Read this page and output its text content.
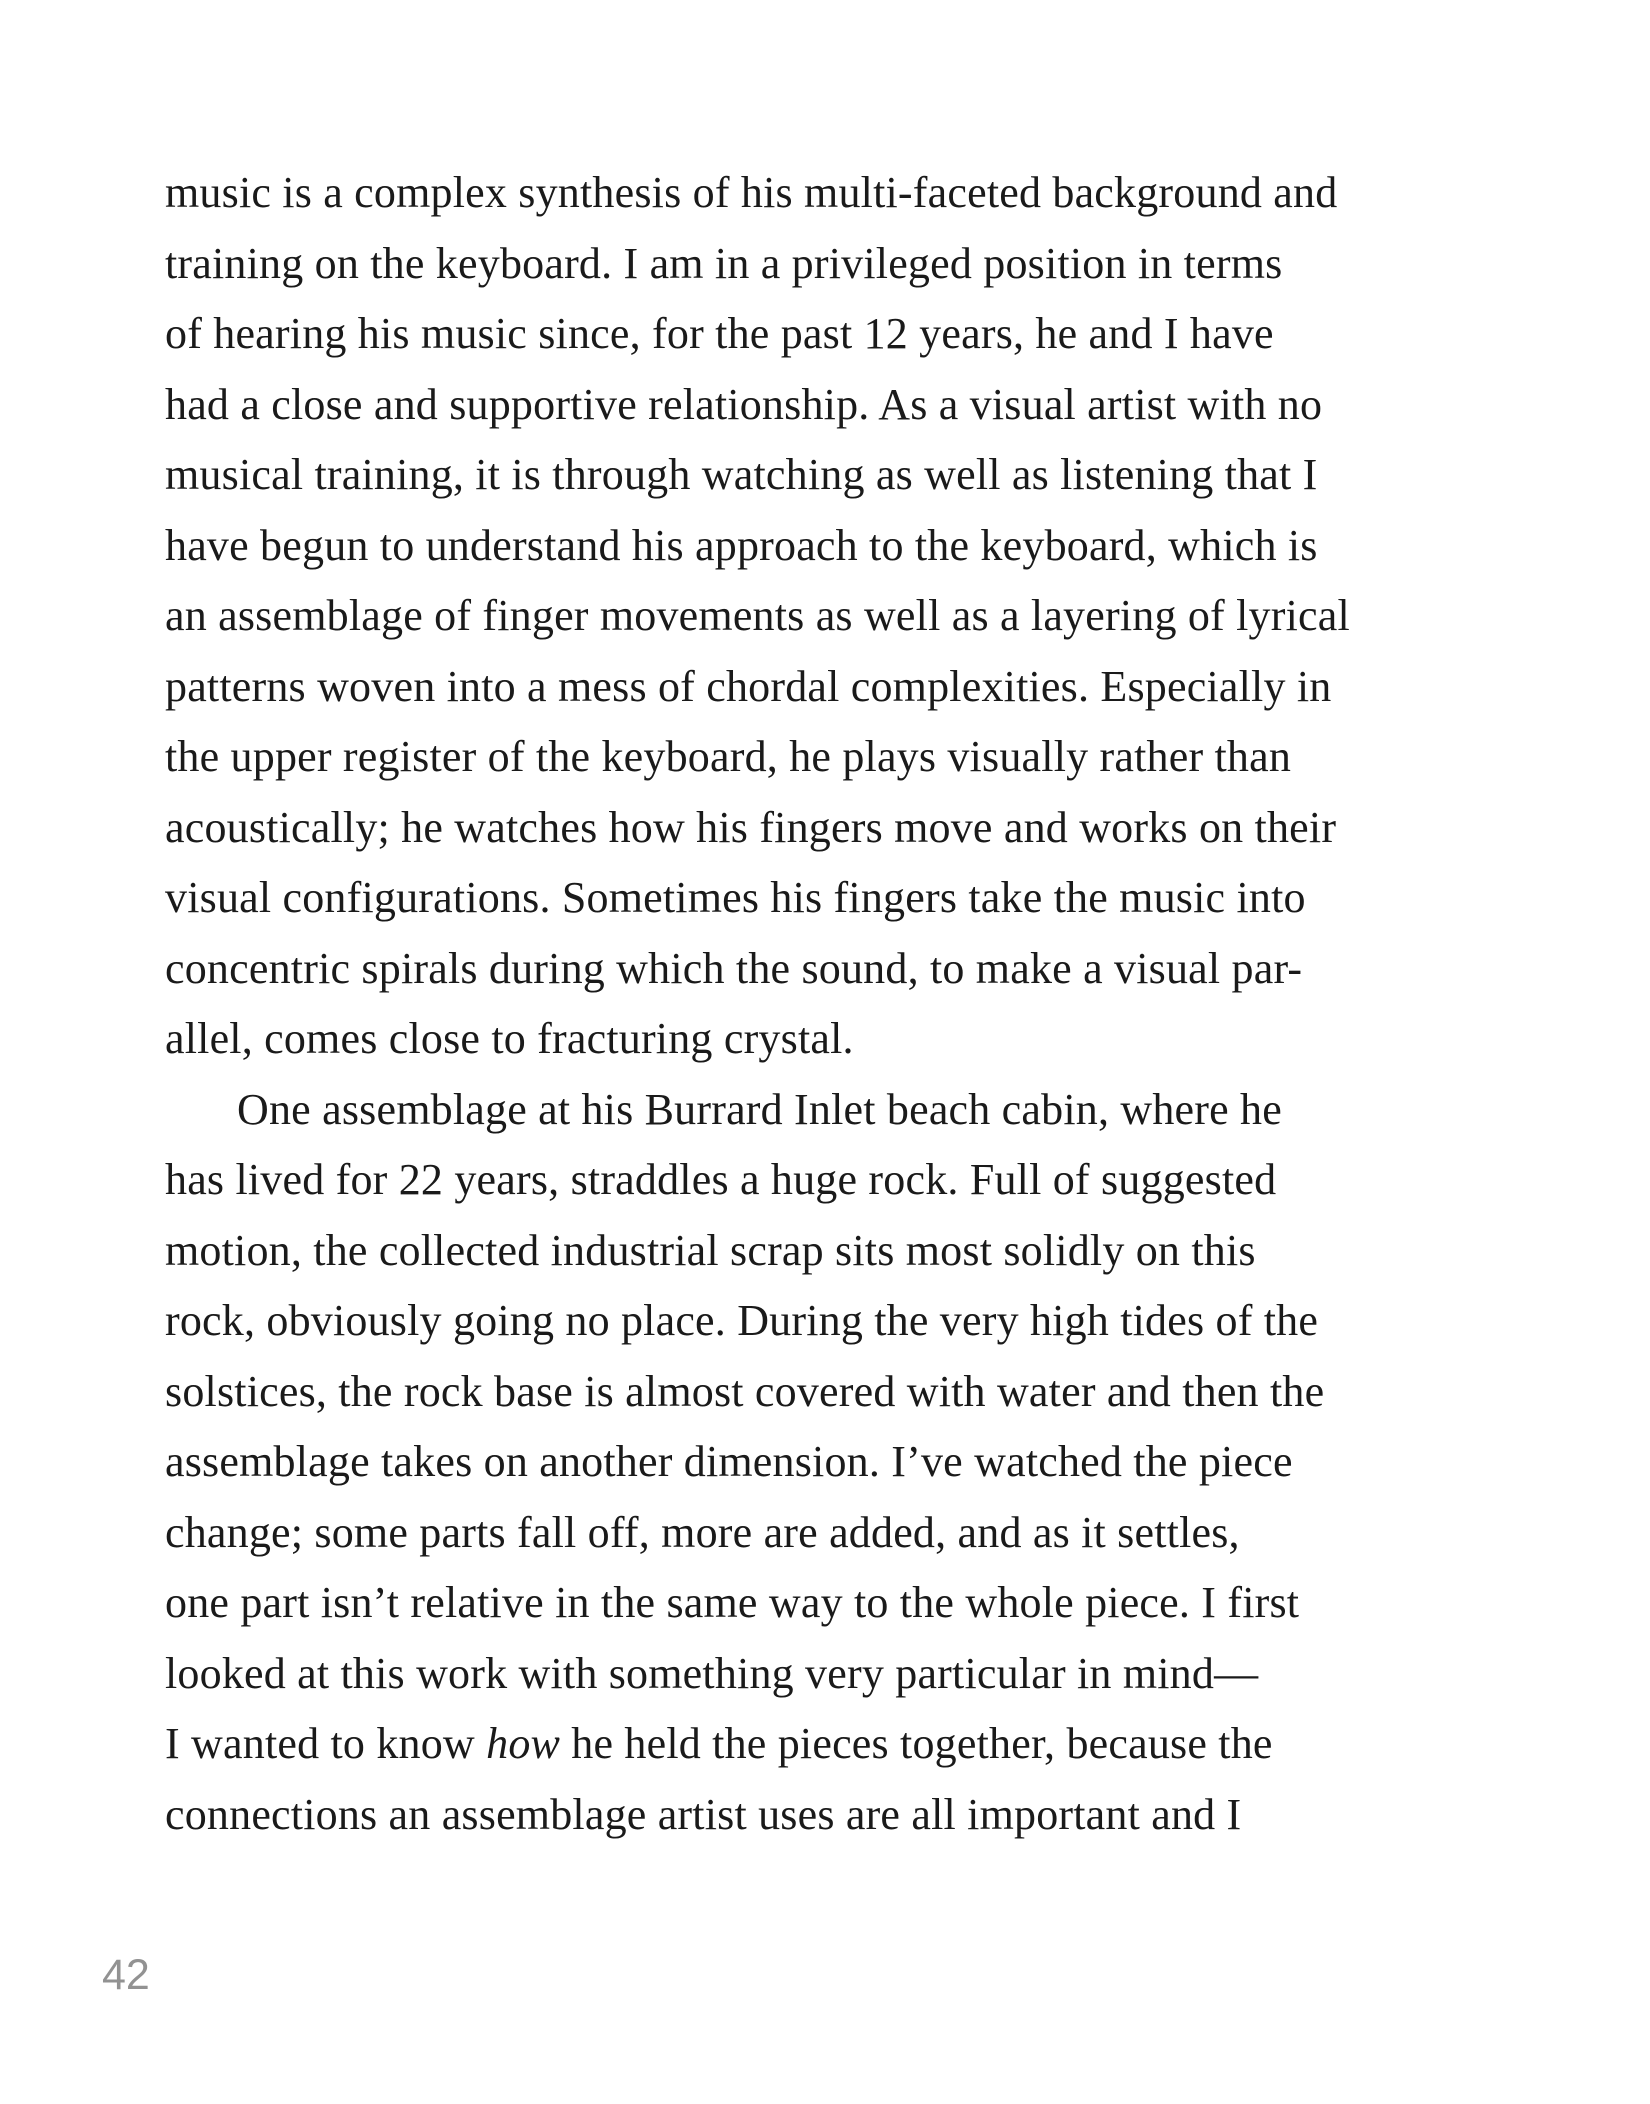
music is a complex synthesis of his multi-faceted background and
training on the keyboard. I am in a privileged position in terms
of hearing his music since, for the past 12 years, he and I have
had a close and supportive relationship. As a visual artist with no
musical training, it is through watching as well as listening that I
have begun to understand his approach to the keyboard, which is
an assemblage of finger movements as well as a layering of lyrical
patterns woven into a mess of chordal complexities. Especially in
the upper register of the keyboard, he plays visually rather than
acoustically; he watches how his fingers move and works on their
visual configurations. Sometimes his fingers take the music into
concentric spirals during which the sound, to make a visual par-
allel, comes close to fracturing crystal.
One assemblage at his Burrard Inlet beach cabin, where he
has lived for 22 years, straddles a huge rock. Full of suggested
motion, the collected industrial scrap sits most solidly on this
rock, obviously going no place. During the very high tides of the
solstices, the rock base is almost covered with water and then the
assemblage takes on another dimension. I’ve watched the piece
change; some parts fall off, more are added, and as it settles,
one part isn’t relative in the same way to the whole piece. I first
looked at this work with something very particular in mind—
I wanted to know how he held the pieces together, because the
connections an assemblage artist uses are all important and I
42
